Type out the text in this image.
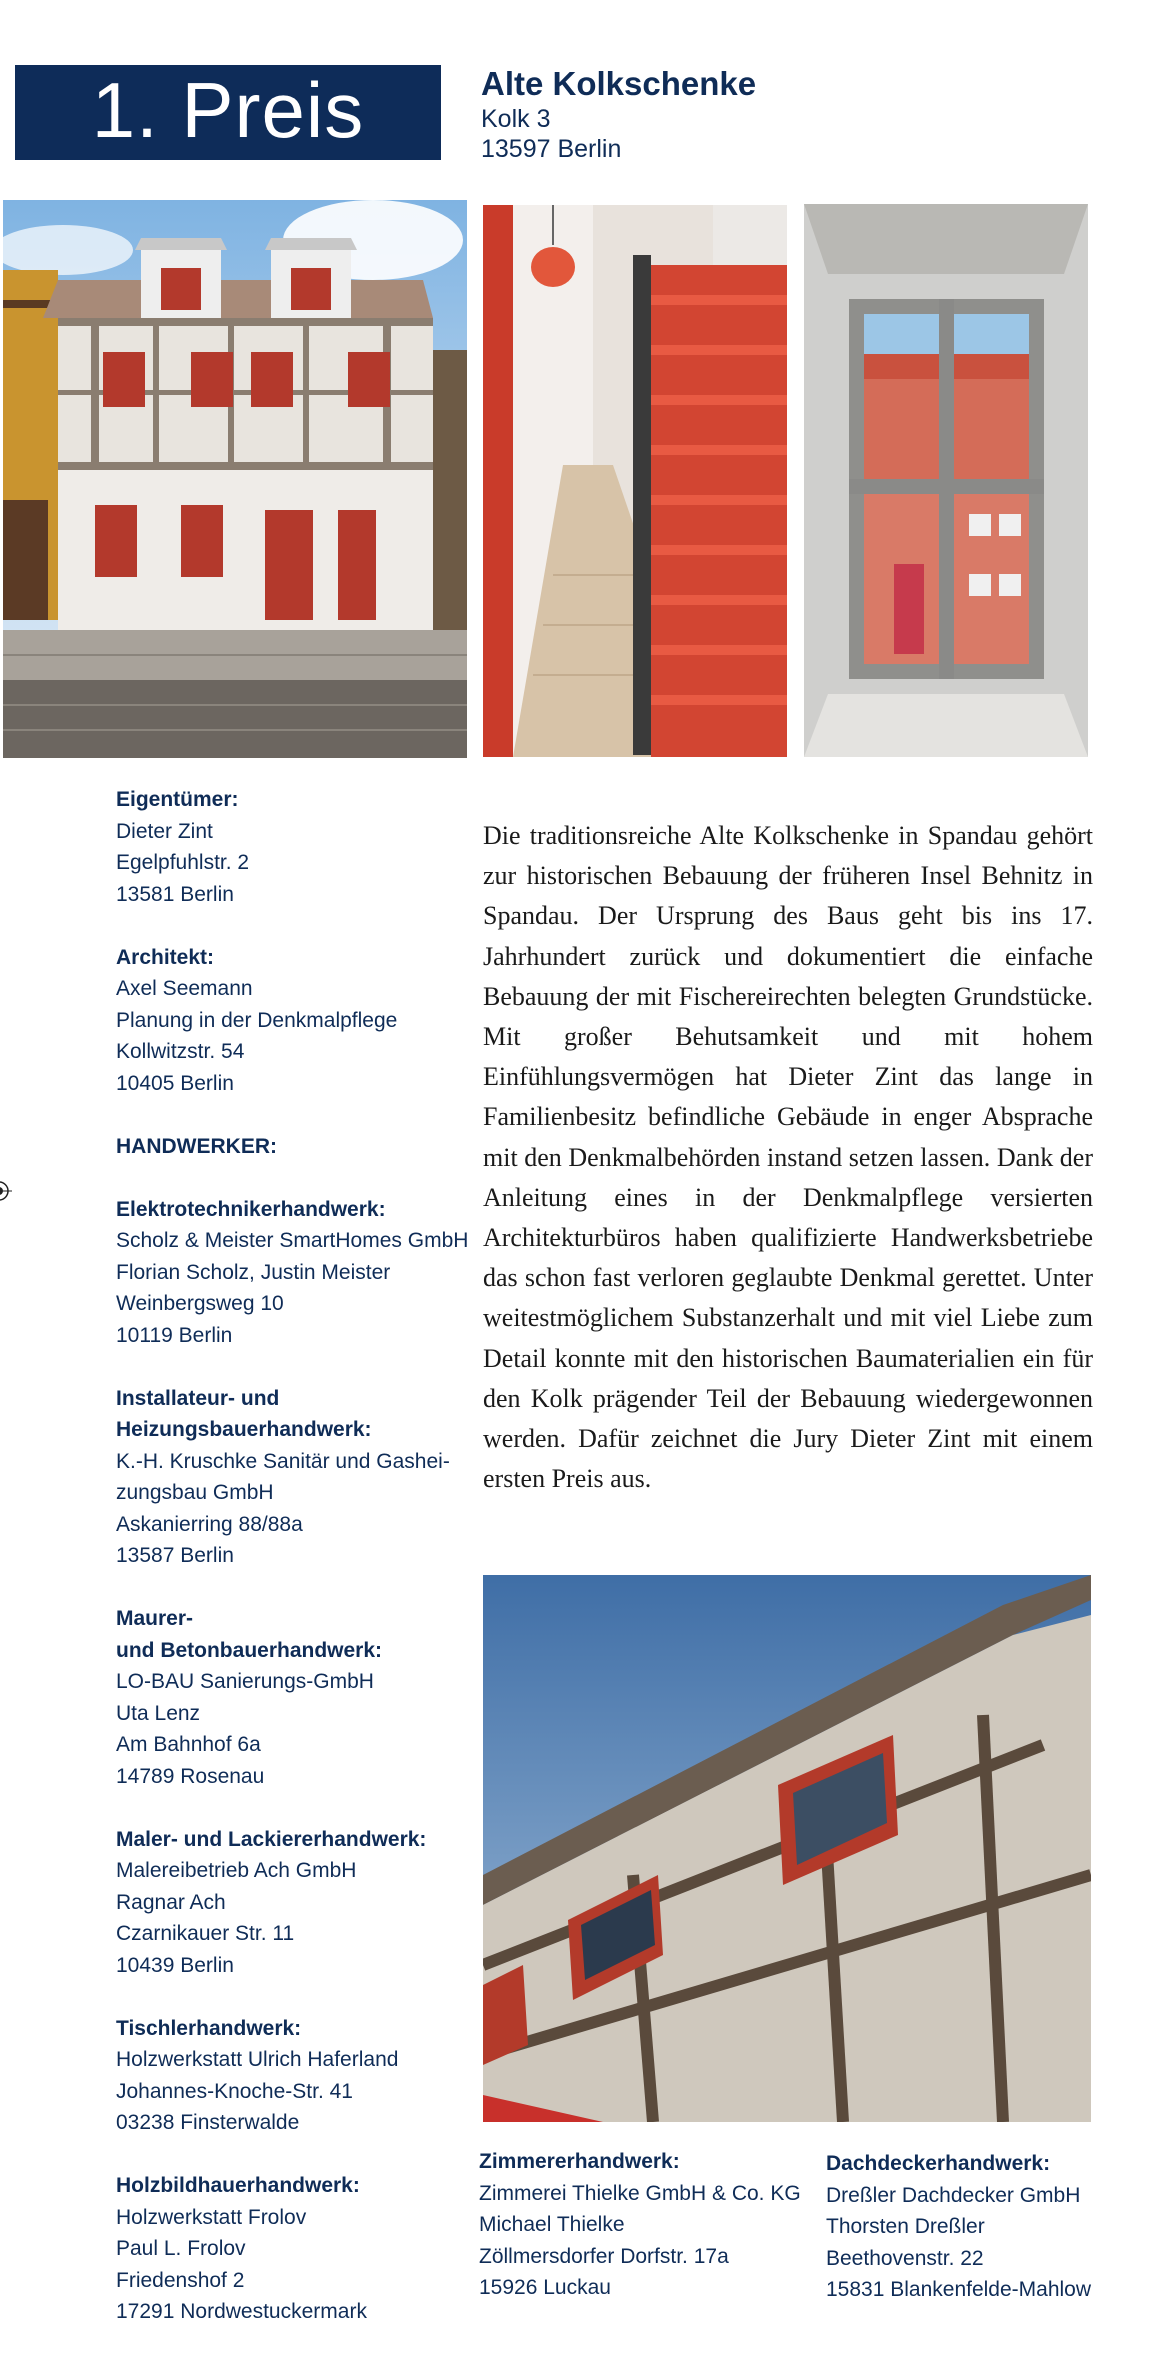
1. Preis	Alte Kolkschenke
Kolk 3
13597 Berlin
Eigentümer:
Dieter Zint
Egelpfuhlstr. 2
13581 Berlin
Architekt:
Axel Seemann
Planung in der Denkmalpflege
Kollwitzstr. 54
10405 Berlin
HANDWERKER:
Elektrotechnikerhandwerk:
Scholz & Meister SmartHomes GmbH
Florian Scholz, Justin Meister
Weinbergsweg 10
10119 Berlin
Installateur- und
Heizungsbauerhandwerk:
K.-H. Kruschke Sanitär und Gashei-
zungsbau GmbH
Askanierring 88/88a
13587 Berlin
Maurer-
und Betonbauerhandwerk:
LO-BAU Sanierungs-GmbH
Uta Lenz
Am Bahnhof 6a
14789 Rosenau
Maler- und Lackiererhandwerk:
Malereibetrieb Ach GmbH
Ragnar Ach
Czarnikauer Str. 11
10439 Berlin
Tischlerhandwerk:
Holzwerkstatt Ulrich Haferland
Johannes-Knoche-Str. 41
03238 Finsterwalde
Holzbildhauerhandwerk:
Holzwerkstatt Frolov
Paul L. Frolov
Friedenshof 2
17291 Nordwestuckermark
Die traditionsreiche Alte Kolkschenke in Spandau gehört zur historischen Bebauung der früheren Insel Behnitz in Spandau. Der Ursprung des Baus geht bis ins 17. Jahrhundert zurück und dokumentiert die einfache Bebauung der mit Fischereirechten belegten Grundstücke. Mit großer Behutsamkeit und mit hohem Einfühlungsvermögen hat Dieter Zint das lange in Familienbesitz befindliche Gebäude in enger Absprache mit den Denkmalbehörden instand setzen lassen. Dank der Anleitung eines in der Denkmalpflege versierten Architekturbüros haben qualifizierte Handwerksbetriebe das schon fast verloren geglaubte Denkmal gerettet. Unter weitestmöglichem Substanzerhalt und mit viel Liebe zum Detail konnte mit den historischen Baumaterialien ein für den Kolk prägender Teil der Bebauung wiedergewonnen werden. Dafür zeichnet die Jury Dieter Zint mit einem ersten Preis aus.
Zimmererhandwerk:
Zimmerei Thielke GmbH & Co. KG
Michael Thielke
Zöllmersdorfer Dorfstr. 17a
15926 Luckau
Dachdeckerhandwerk:
Dreßler Dachdecker GmbH
Thorsten Dreßler
Beethovenstr. 22
15831 Blankenfelde-Mahlow
